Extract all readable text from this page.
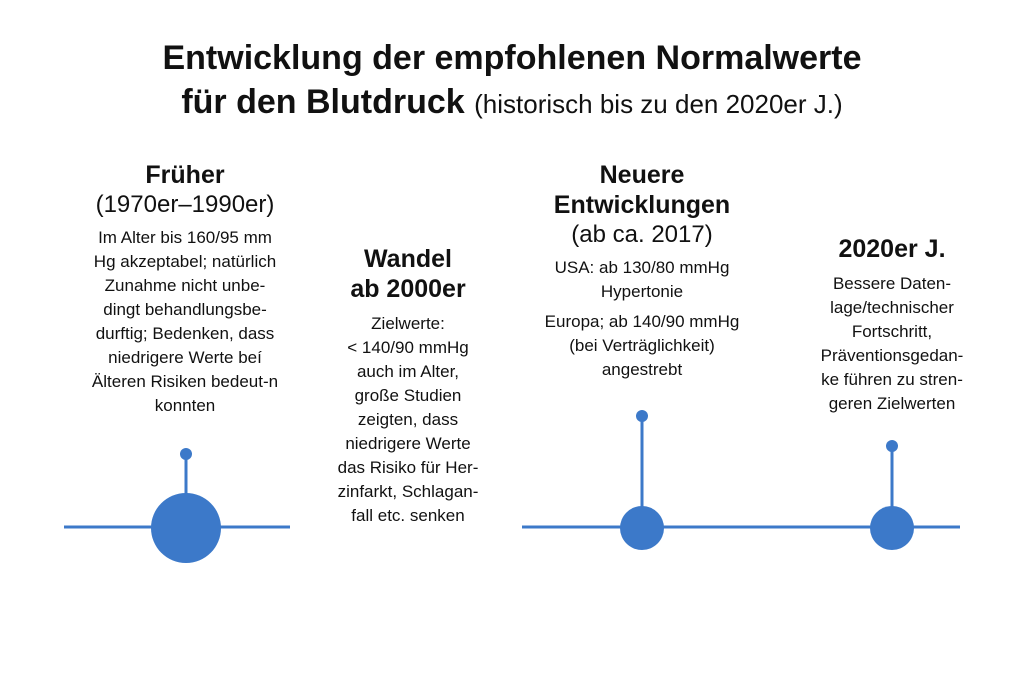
Entwicklung der empfohlenen Normalwerte
für den Blutdruck (historisch bis zu den 2020er J.)

Früher

(1970er–1990er)

Im Alter bis 160/95 mm

Hg akzeptabel; natürlich

Zunahme nicht unbe-

dingt behandlungsbe-

durftig; Bedenken, dass

niedrigere Werte beí

Älteren Risiken bedeut-n

konnten

Wandel

ab 2000er

Zielwerte:

< 140/90 mmHg

auch im Alter,

große Studien

zeigten, dass

niedrigere Werte

das Risiko für Her-

zinfarkt, Schlagan-

fall etc. senken

Neuere

Entwicklungen

(ab ca. 2017)

USA: ab 130/80 mmHg

Hypertonie

Europa; ab 140/90 mmHg

(bei Verträglichkeit)

angestrebt

2020er J.

Bessere Daten-

lage/technischer

Fortschritt,

Präventionsgedan-

ke führen zu stren-

geren Zielwerten
